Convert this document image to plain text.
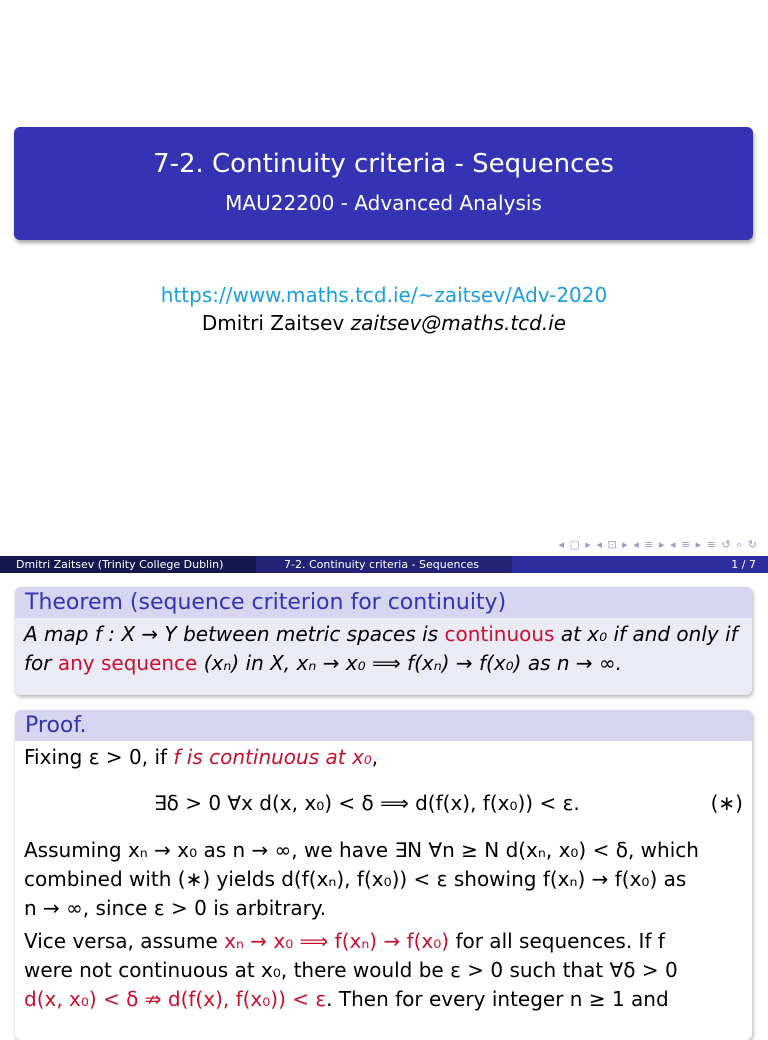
7-2. Continuity criteria - Sequences
MAU22200 - Advanced Analysis
https://www.maths.tcd.ie/~zaitsev/Adv-2020
Dmitri Zaitsev zaitsev@maths.tcd.ie
◂ ▢ ▸ ◂ ⊡ ▸ ◂ ≡ ▸ ◂ ≡ ▸ ≡ ↺ ⌕ ↻
Dmitri Zaitsev (Trinity College Dublin)	7-2. Continuity criteria - Sequences	1 / 7
Theorem (sequence criterion for continuity)
A map f : X → Y between metric spaces is continuous at x₀ if and only if
for any sequence (xₙ) in X, xₙ → x₀ ⟹ f(xₙ) → f(x₀) as n → ∞.
Proof.
Fixing ε > 0, if f is continuous at x₀,
∃δ > 0 ∀x d(x, x₀) < δ ⟹ d(f(x), f(x₀)) < ε.	(∗)
Assuming xₙ → x₀ as n → ∞, we have ∃N ∀n ≥ N d(xₙ, x₀) < δ, which
combined with (∗) yields d(f(xₙ), f(x₀)) < ε showing f(xₙ) → f(x₀) as
n → ∞, since ε > 0 is arbitrary.
Vice versa, assume xₙ → x₀ ⟹ f(xₙ) → f(x₀) for all sequences. If f
were not continuous at x₀, there would be ε > 0 such that ∀δ > 0
d(x, x₀) < δ ⇏ d(f(x), f(x₀)) < ε. Then for every integer n ≥ 1 and
